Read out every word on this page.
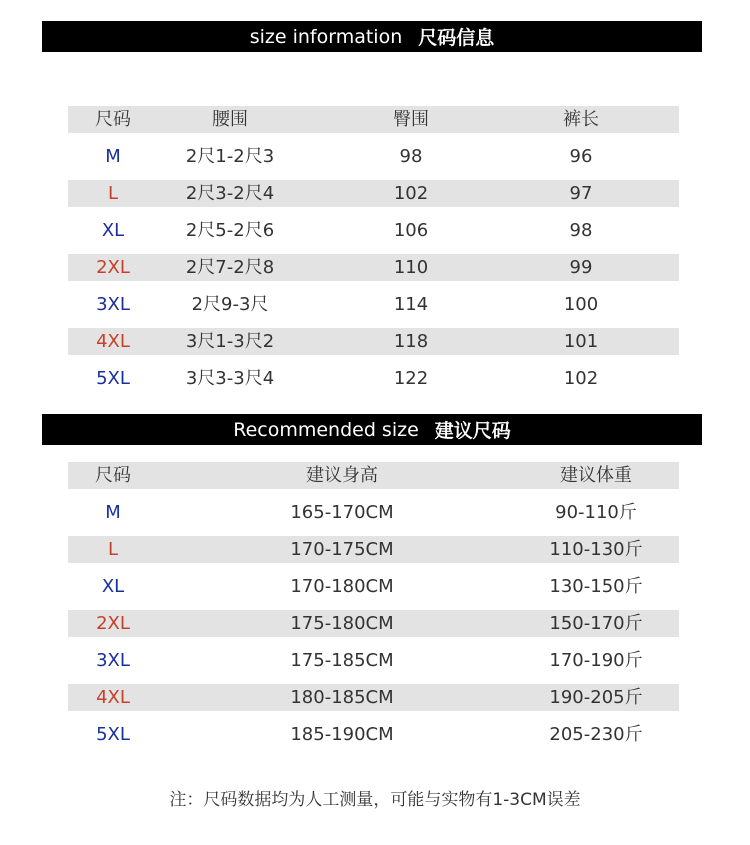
size information 尺码信息
尺码	腰围	臀围	裤长
M	2尺1-2尺3	98	96
L	2尺3-2尺4	102	97
XL	2尺5-2尺6	106	98
2XL	2尺7-2尺8	110	99
3XL	2尺9-3尺	114	100
4XL	3尺1-3尺2	118	101
5XL	3尺3-3尺4	122	102
Recommended size 建议尺码
尺码	建议身高	建议体重
M	165-170CM	90-110斤
L	170-175CM	110-130斤
XL	170-180CM	130-150斤
2XL	175-180CM	150-170斤
3XL	175-185CM	170-190斤
4XL	180-185CM	190-205斤
5XL	185-190CM	205-230斤
注：尺码数据均为人工测量，可能与实物有1-3CM误差
